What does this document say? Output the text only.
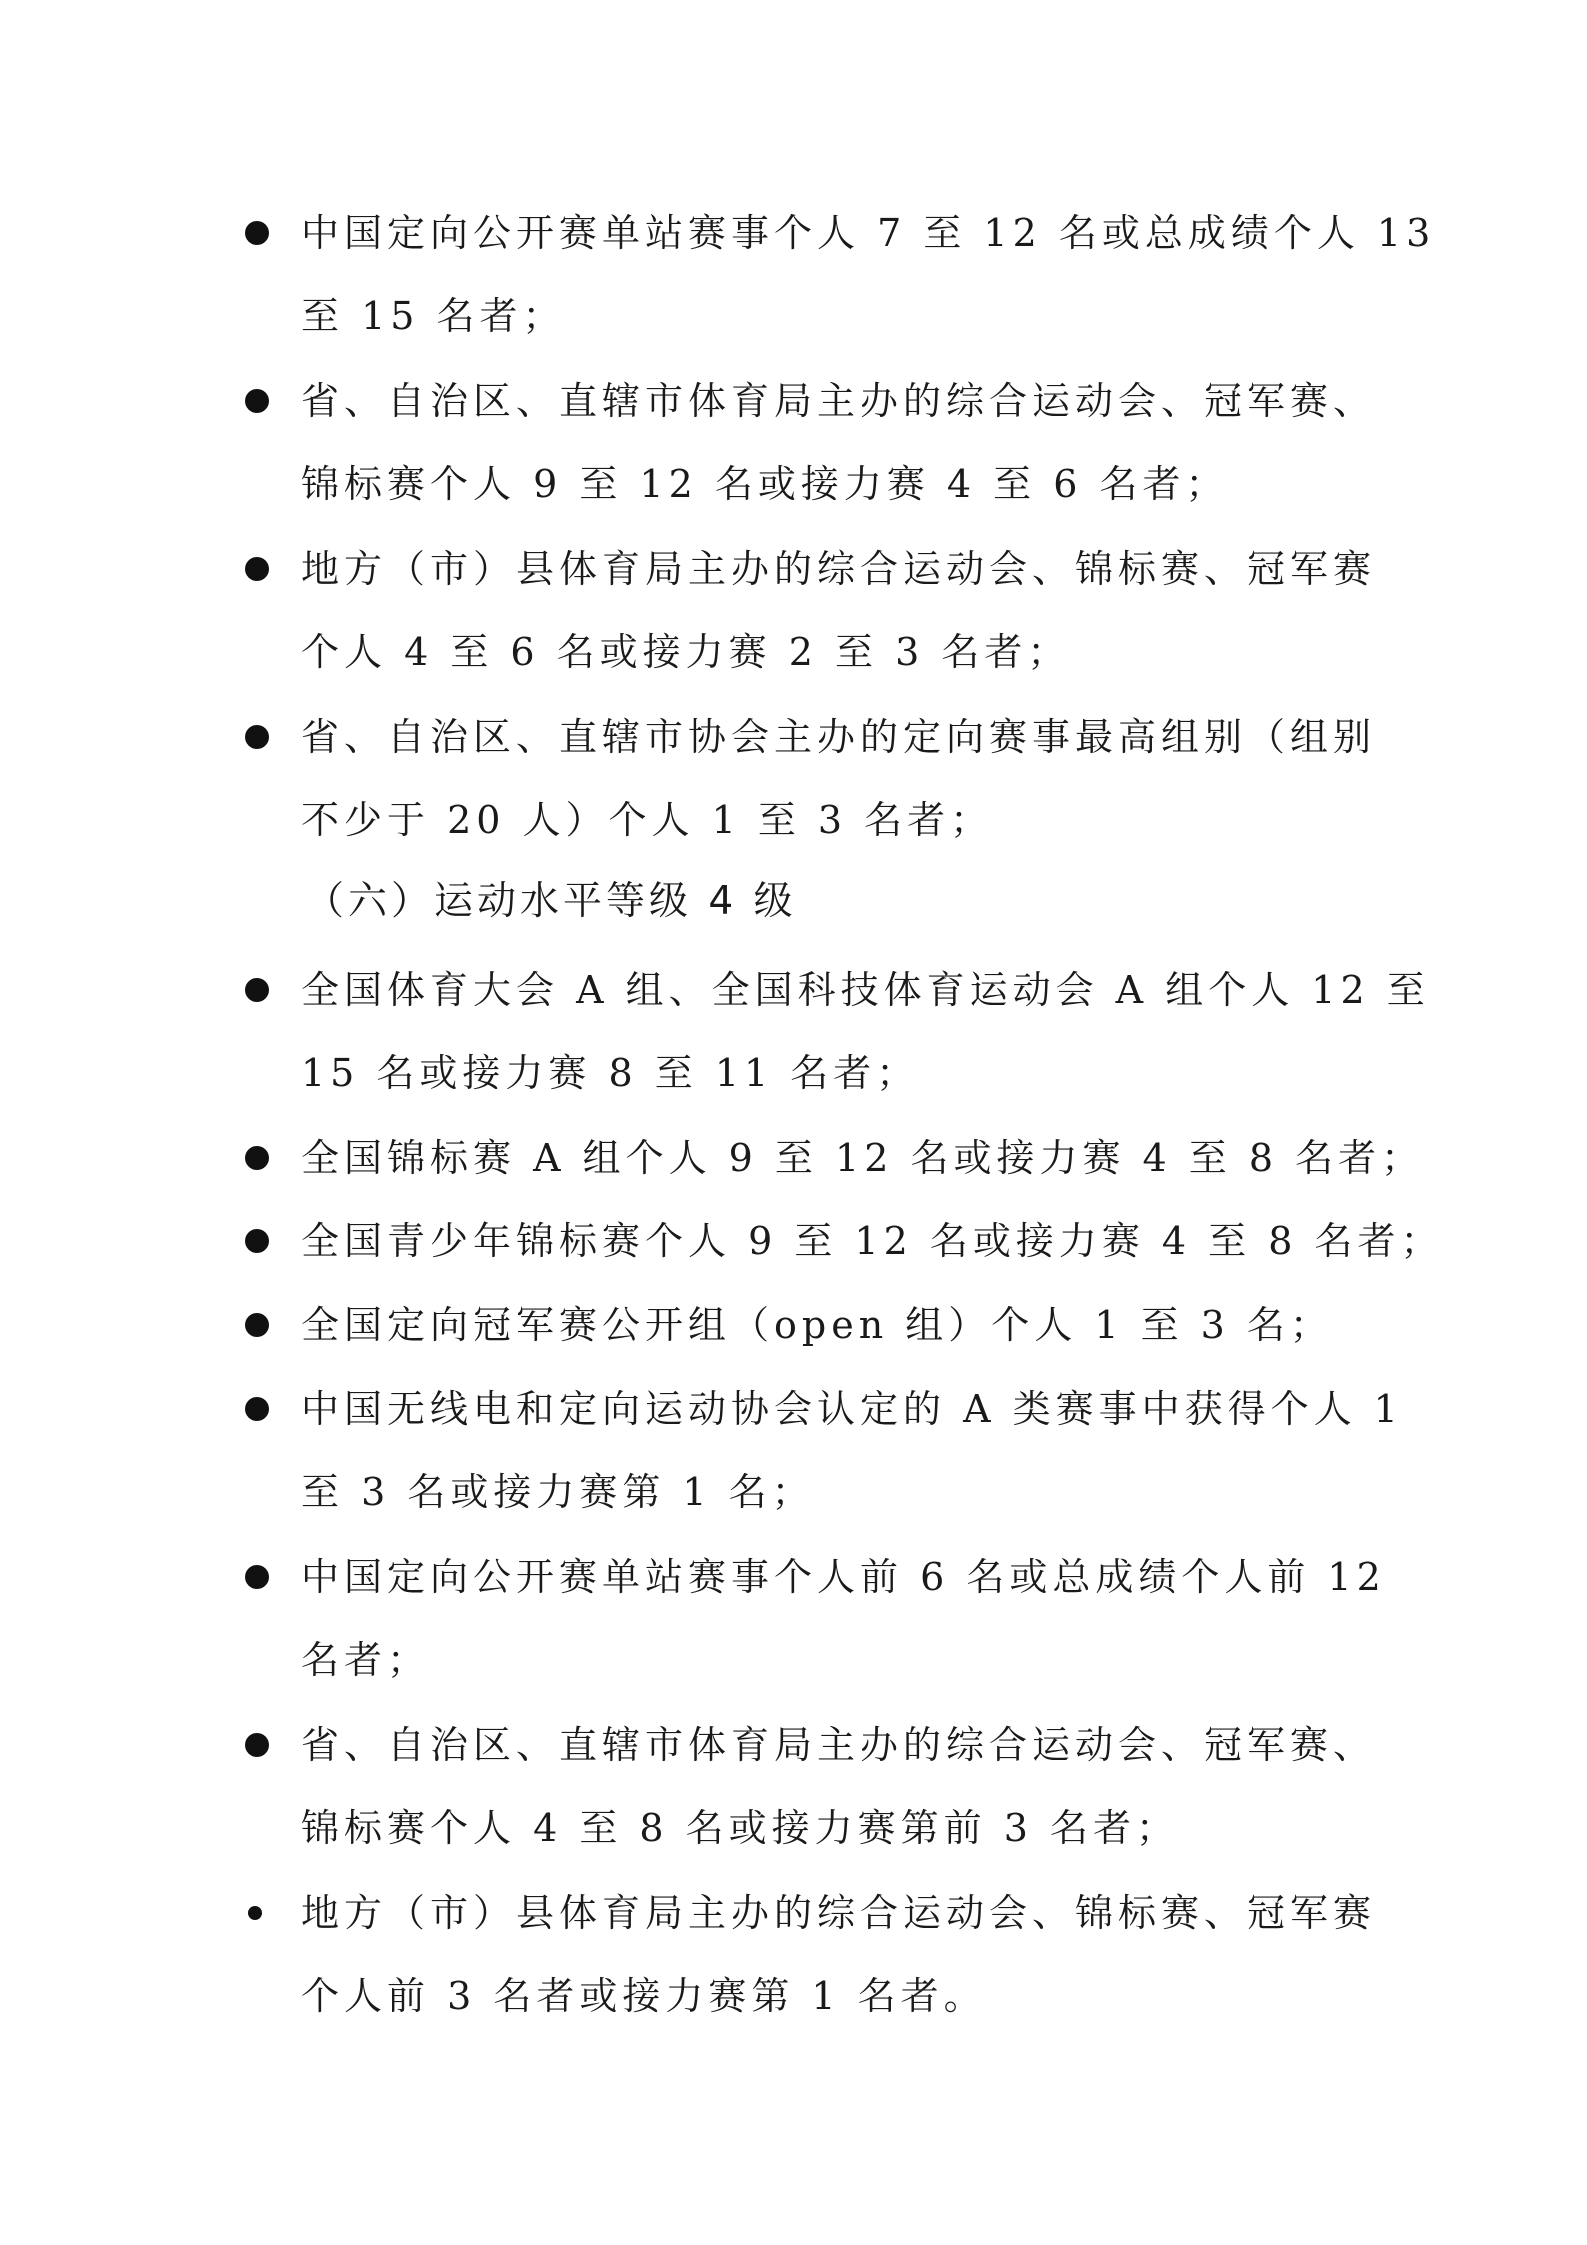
中国定向公开赛单站赛事个人 7 至 12 名或总成绩个人 13
至 15 名者；
省、自治区、直辖市体育局主办的综合运动会、冠军赛、
锦标赛个人 9 至 12 名或接力赛 4 至 6 名者；
地方（市）县体育局主办的综合运动会、锦标赛、冠军赛
个人 4 至 6 名或接力赛 2 至 3 名者；
省、自治区、直辖市协会主办的定向赛事最高组别（组别
不少于 20 人）个人 1 至 3 名者；
（六）运动水平等级 4 级
全国体育大会 A 组、全国科技体育运动会 A 组个人 12 至
15 名或接力赛 8 至 11 名者；
全国锦标赛 A 组个人 9 至 12 名或接力赛 4 至 8 名者；
全国青少年锦标赛个人 9 至 12 名或接力赛 4 至 8 名者；
全国定向冠军赛公开组（open 组）个人 1 至 3 名；
中国无线电和定向运动协会认定的 A 类赛事中获得个人 1
至 3 名或接力赛第 1 名；
中国定向公开赛单站赛事个人前 6 名或总成绩个人前 12
名者；
省、自治区、直辖市体育局主办的综合运动会、冠军赛、
锦标赛个人 4 至 8 名或接力赛第前 3 名者；
地方（市）县体育局主办的综合运动会、锦标赛、冠军赛
个人前 3 名者或接力赛第 1 名者。
